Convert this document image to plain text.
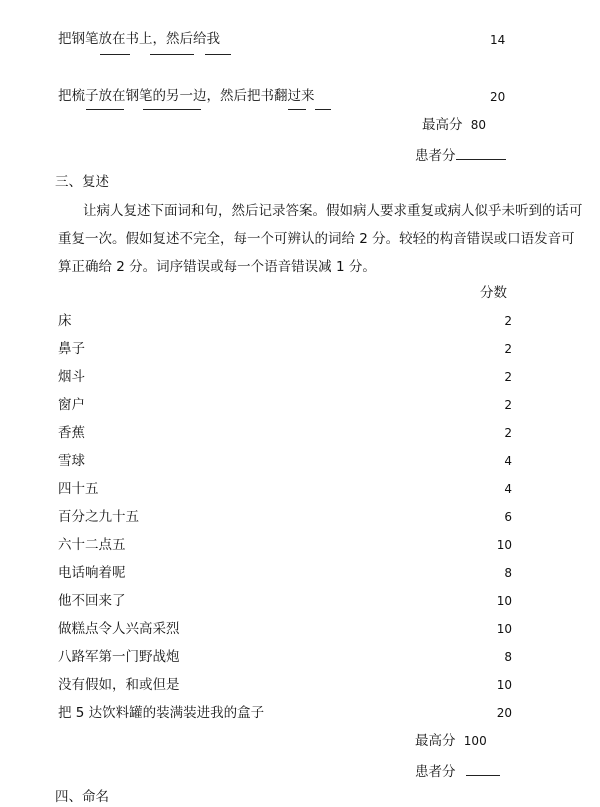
把钢笔放在书上，然后给我	14
把梳子放在钢笔的另一边，然后把书翻过来	20
最高分 80
患者分
三、复述
让病人复述下面词和句，然后记录答案。假如病人要求重复或病人似乎未听到的话可重复一次。假如复述不完全，每一个可辨认的词给 2 分。较轻的构音错误或口语发音可算正确给 2 分。词序错误或每一个语音错误减 1 分。
分数
床	2
鼻子	2
烟斗	2
窗户	2
香蕉	2
雪球	4
四十五	4
百分之九十五	6
六十二点五	10
电话响着呢	8
他不回来了	10
做糕点令人兴高采烈	10
八路军第一门野战炮	8
没有假如，和或但是	10
把 5 达饮料罐的装满装进我的盒子	20
最高分 100
患者分
四、命名
